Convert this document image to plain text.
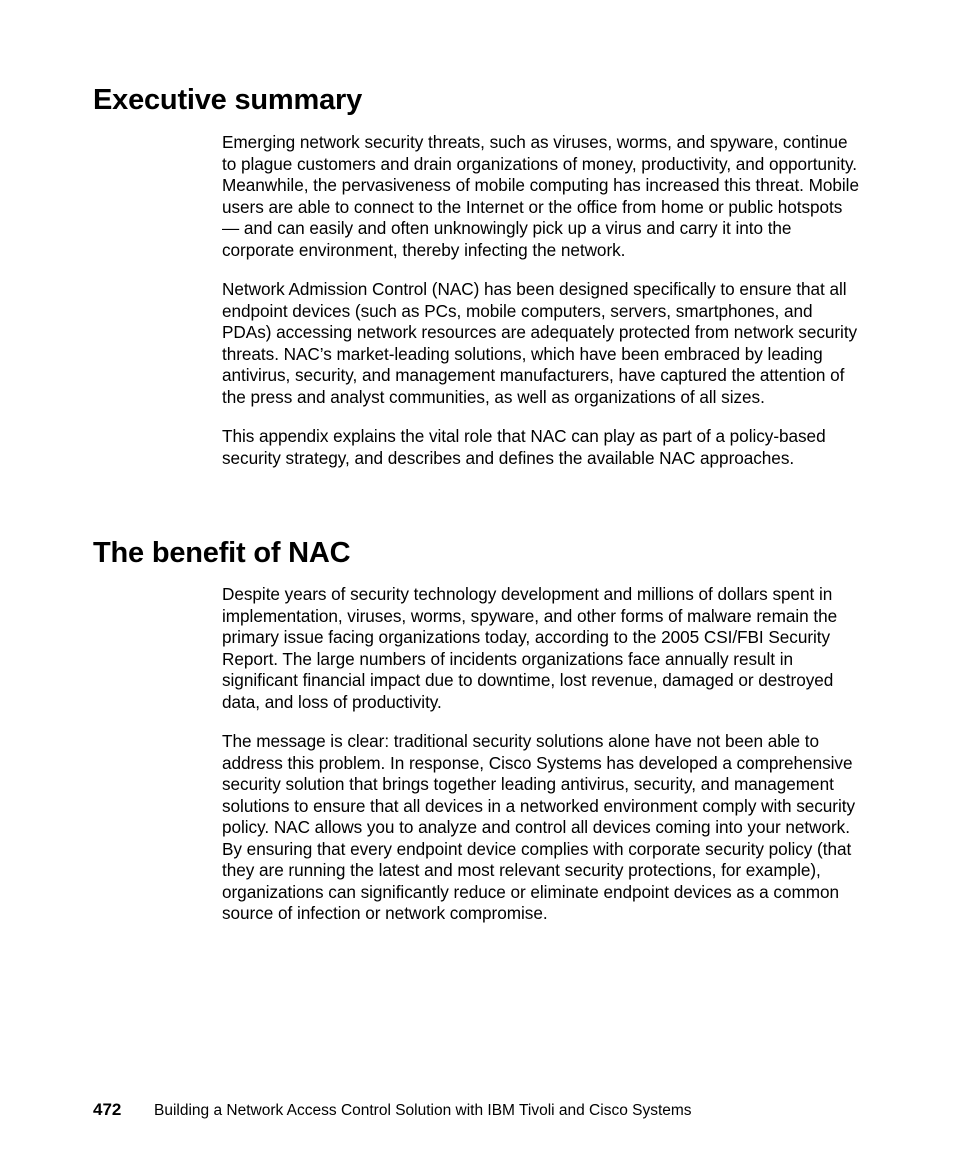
Executive summary

Emerging network security threats, such as viruses, worms, and spyware, continue to plague customers and drain organizations of money, productivity, and opportunity. Meanwhile, the pervasiveness of mobile computing has increased this threat. Mobile users are able to connect to the Internet or the office from home or public hotspots — and can easily and often unknowingly pick up a virus and carry it into the corporate environment, thereby infecting the network.

Network Admission Control (NAC) has been designed specifically to ensure that all endpoint devices (such as PCs, mobile computers, servers, smartphones, and PDAs) accessing network resources are adequately protected from network security threats. NAC’s market-leading solutions, which have been embraced by leading antivirus, security, and management manufacturers, have captured the attention of the press and analyst communities, as well as organizations of all sizes.

This appendix explains the vital role that NAC can play as part of a policy-based security strategy, and describes and defines the available NAC approaches.

The benefit of NAC

Despite years of security technology development and millions of dollars spent in implementation, viruses, worms, spyware, and other forms of malware remain the primary issue facing organizations today, according to the 2005 CSI/FBI Security Report. The large numbers of incidents organizations face annually result in significant financial impact due to downtime, lost revenue, damaged or destroyed data, and loss of productivity.

The message is clear: traditional security solutions alone have not been able to address this problem. In response, Cisco Systems has developed a comprehensive security solution that brings together leading antivirus, security, and management solutions to ensure that all devices in a networked environment comply with security policy. NAC allows you to analyze and control all devices coming into your network. By ensuring that every endpoint device complies with corporate security policy (that they are running the latest and most relevant security protections, for example), organizations can significantly reduce or eliminate endpoint devices as a common source of infection or network compromise.

472 Building a Network Access Control Solution with IBM Tivoli and Cisco Systems
